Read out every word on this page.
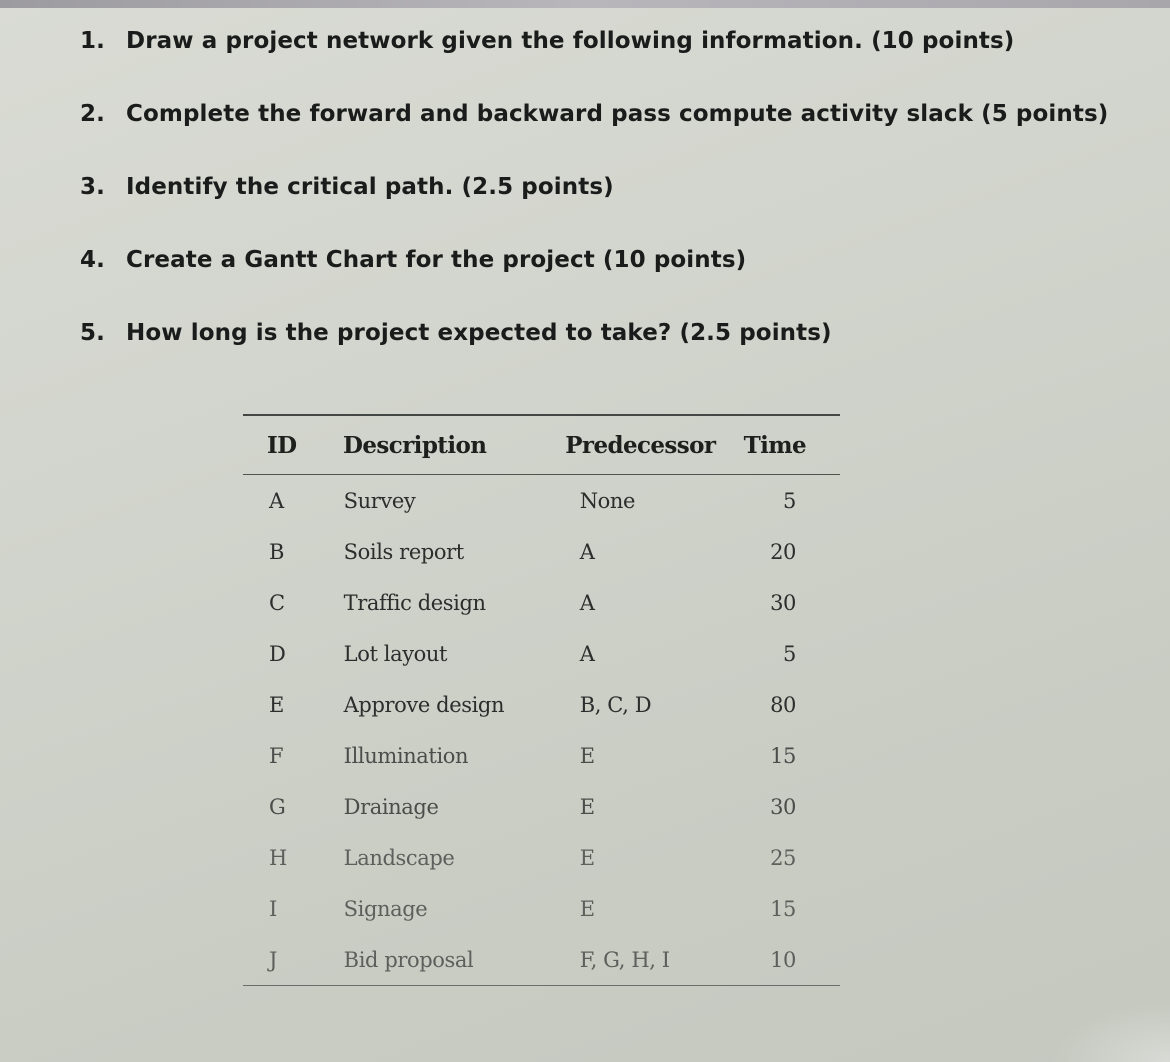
1. Draw a project network given the following information. (10 points)
2. Complete the forward and backward pass compute activity slack (5 points)
3. Identify the critical path. (2.5 points)
4. Create a Gantt Chart for the project (10 points)
5. How long is the project expected to take? (2.5 points)
ID	Description	Predecessor	Time
A	Survey	None	5
B	Soils report	A	20
C	Traffic design	A	30
D	Lot layout	A	5
E	Approve design	B, C, D	80
F	Illumination	E	15
G	Drainage	E	30
H	Landscape	E	25
I	Signage	E	15
J	Bid proposal	F, G, H, I	10
